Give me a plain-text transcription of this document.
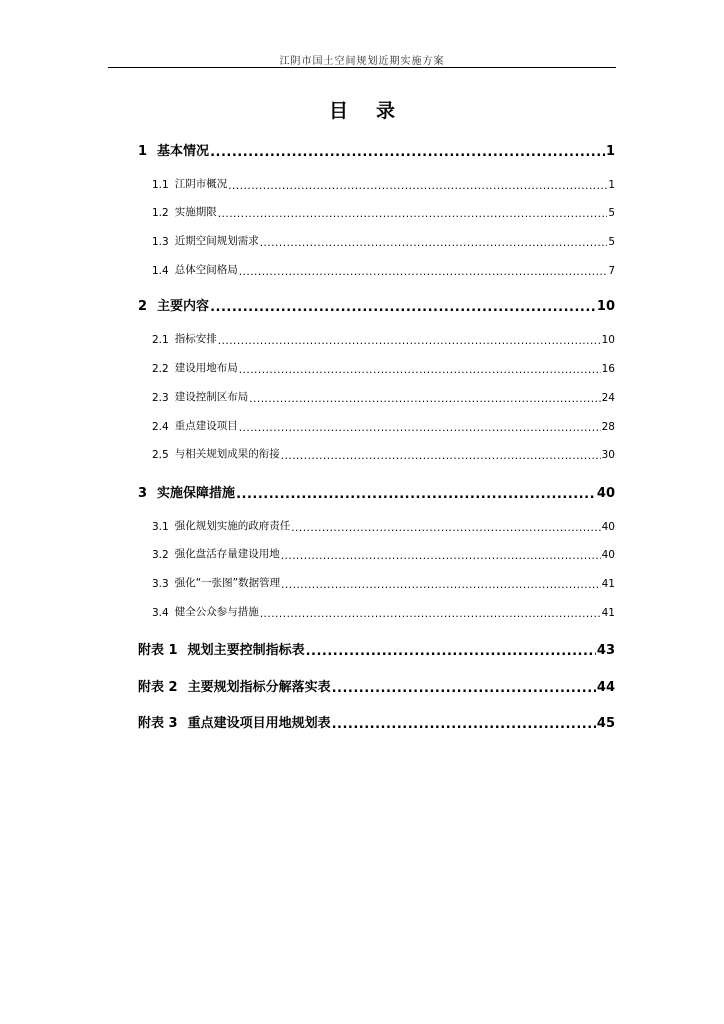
江阴市国土空间规划近期实施方案
目录
1 基本情况 .....	1
1.1 江阴市概况 .....	1
1.2 实施期限 .....	5
1.3 近期空间规划需求 .....	5
1.4 总体空间格局 .....	7
2 主要内容 .....	10
2.1 指标安排 .....	10
2.2 建设用地布局 .....	16
2.3 建设控制区布局 .....	24
2.4 重点建设项目 .....	28
2.5 与相关规划成果的衔接 .....	30
3 实施保障措施 .....	40
3.1 强化规划实施的政府责任 .....	40
3.2 强化盘活存量建设用地 .....	40
3.3 强化“一张图”数据管理 .....	41
3.4 健全公众参与措施 .....	41
附表 1 规划主要控制指标表 .....	43
附表 2 主要规划指标分解落实表 .....	44
附表 3 重点建设项目用地规划表 .....	45
